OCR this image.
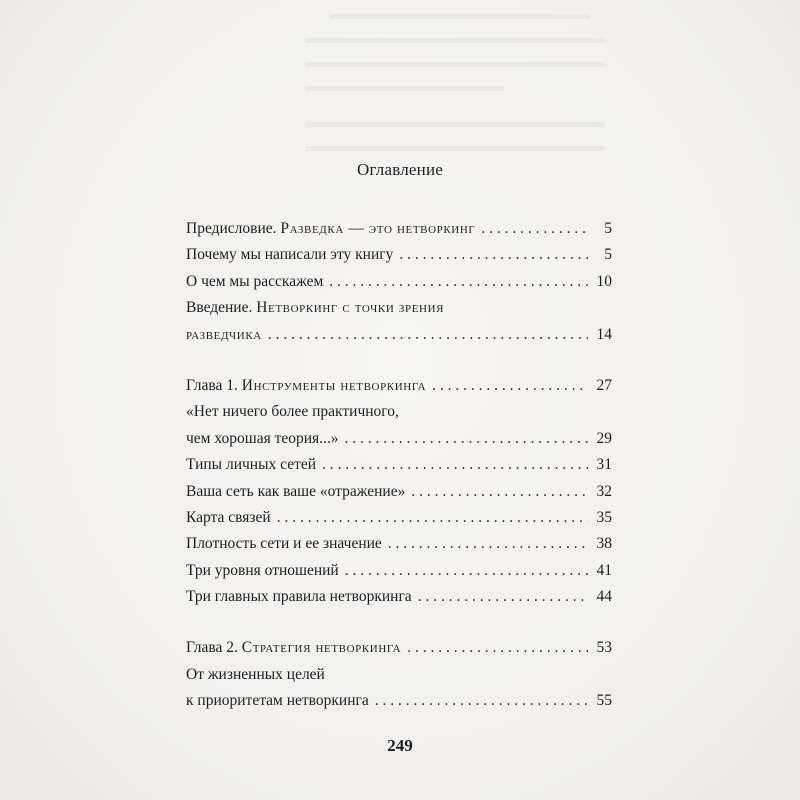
Оглавление
Предисловие. Разведка — это нетворкинг . . .	5
Почему мы написали эту книгу . . .	5
О чем мы расскажем . . .	10
Введение. Нетворкинг с точки зрения
разведчика . . .	14
Глава 1. Инструменты нетворкинга . . .	27
«Нет ничего более практичного,
чем хорошая теория...» . . .	29
Типы личных сетей . . .	31
Ваша сеть как ваше «отражение» . . .	32
Карта связей . . .	35
Плотность сети и ее значение . . .	38
Три уровня отношений . . .	41
Три главных правила нетворкинга . . .	44
Глава 2. Стратегия нетворкинга . . .	53
От жизненных целей
к приоритетам нетворкинга . . .	55
249
